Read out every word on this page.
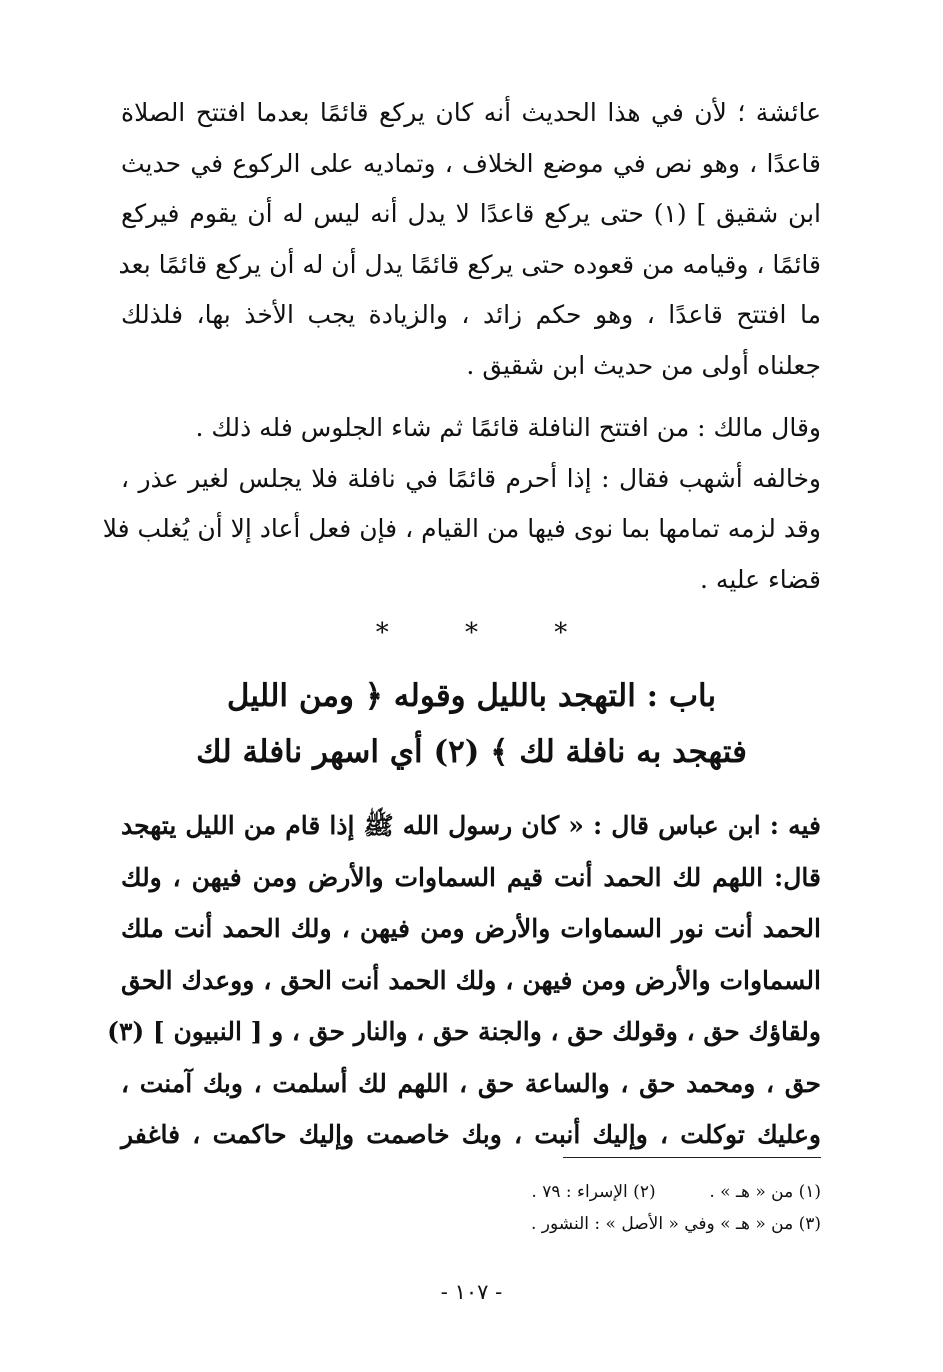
عائشة ؛ لأن في هذا الحديث أنه كان يركع قائمًا بعدما افتتح الصلاة
قاعدًا ، وهو نص في موضع الخلاف ، وتماديه على الركوع في حديث
ابن شقيق ] (١) حتى يركع قاعدًا لا يدل أنه ليس له أن يقوم فيركع
قائمًا ، وقيامه من قعوده حتى يركع قائمًا يدل أن له أن يركع قائمًا بعد
ما افتتح قاعدًا ، وهو حكم زائد ، والزيادة يجب الأخذ بها، فلذلك
جعلناه أولى من حديث ابن شقيق .
وقال مالك : من افتتح النافلة قائمًا ثم شاء الجلوس فله ذلك .
وخالفه أشهب فقال : إذا أحرم قائمًا في نافلة فلا يجلس لغير عذر ،
وقد لزمه تمامها بما نوى فيها من القيام ، فإن فعل أعاد إلا أن يُغلب فلا
قضاء عليه .
*	*	*
باب : التهجد بالليل وقوله ﴿ ومن الليل
فتهجد به نافلة لك ﴾ (٢) أي اسهر نافلة لك
فيه : ابن عباس قال : « كان رسول الله ﷺ إذا قام من الليل يتهجد
قال: اللهم لك الحمد أنت قيم السماوات والأرض ومن فيهن ، ولك
الحمد أنت نور السماوات والأرض ومن فيهن ، ولك الحمد أنت ملك
السماوات والأرض ومن فيهن ، ولك الحمد أنت الحق ، ووعدك الحق
ولقاؤك حق ، وقولك حق ، والجنة حق ، والنار حق ، و [ النبيون ] (٣)
حق ، ومحمد حق ، والساعة حق ، اللهم لك أسلمت ، وبك آمنت ،
وعليك توكلت ، وإليك أنبت ، وبك خاصمت وإليك حاكمت ، فاغفر
(١) من « هـ » . (٢) الإسراء : ٧٩ .
(٣) من « هـ » وفي « الأصل » : النشور .
- ١٠٧ -
